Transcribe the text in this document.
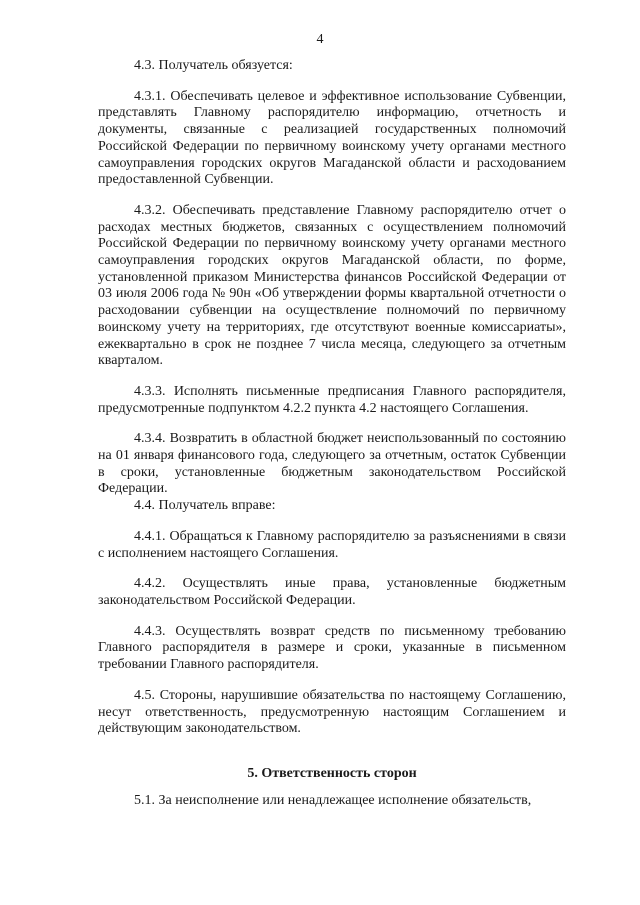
4

4.3. Получатель обязуется:

4.3.1. Обеспечивать целевое и эффективное использование Субвенции, представлять Главному распорядителю информацию, отчетность и документы, связанные с реализацией государственных полномочий Российской Федерации по первичному воинскому учету органами местного самоуправления городских округов Магаданской области и расходованием предоставленной Субвенции.

4.3.2. Обеспечивать представление Главному распорядителю отчет о расходах местных бюджетов, связанных с осуществлением полномочий Российской Федерации по первичному воинскому учету органами местного самоуправления городских округов Магаданской области, по форме, установленной приказом Министерства финансов Российской Федерации от 03 июля 2006 года № 90н «Об утверждении формы квартальной отчетности о расходовании субвенции на осуществление полномочий по первичному воинскому учету на территориях, где отсутствуют военные комиссариаты», ежеквартально в срок не позднее 7 числа месяца, следующего за отчетным кварталом.

4.3.3. Исполнять письменные предписания Главного распорядителя, предусмотренные подпунктом 4.2.2 пункта 4.2 настоящего Соглашения.

4.3.4. Возвратить в областной бюджет неиспользованный по состоянию на 01 января финансового года, следующего за отчетным, остаток Субвенции в сроки, установленные бюджетным законодательством Российской Федерации.

4.4. Получатель вправе:

4.4.1. Обращаться к Главному распорядителю за разъяснениями в связи с исполнением настоящего Соглашения.

4.4.2. Осуществлять иные права, установленные бюджетным законодательством Российской Федерации.

4.4.3. Осуществлять возврат средств по письменному требованию Главного распорядителя в размере и сроки, указанные в письменном требовании Главного распорядителя.

4.5. Стороны, нарушившие обязательства по настоящему Соглашению, несут ответственность, предусмотренную настоящим Соглашением и действующим законодательством.

5. Ответственность сторон

5.1. За неисполнение или ненадлежащее исполнение обязательств,
